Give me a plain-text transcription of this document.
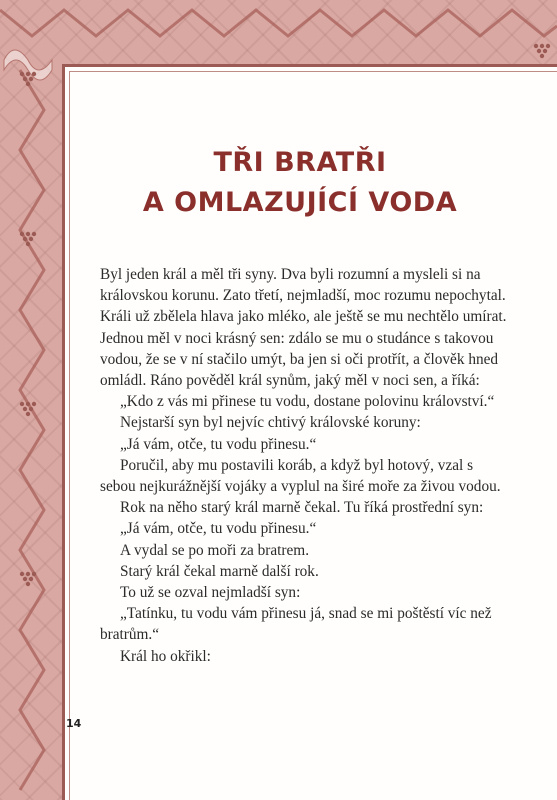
TŘI BRATŘI
A OMLAZUJÍCÍ VODA

Byl jeden král a měl tři syny. Dva byli rozumní a mysleli si na královskou korunu. Zato třetí, nejmladší, moc rozumu nepochytal. Králi už zbělela hlava jako mléko, ale ještě se mu nechtělo umírat. Jednou měl v noci krásný sen: zdálo se mu o studánce s takovou vodou, že se v ní stačilo umýt, ba jen si oči protřít, a člověk hned omládl. Ráno pověděl král synům, jaký měl v noci sen, a říká:

„Kdo z vás mi přinese tu vodu, dostane polovinu království.“

Nejstarší syn byl nejvíc chtivý královské koruny:

„Já vám, otče, tu vodu přinesu.“

Poručil, aby mu postavili koráb, a když byl hotový, vzal s sebou nejkurážnější vojáky a vyplul na širé moře za živou vodou.

Rok na něho starý král marně čekal. Tu říká prostřední syn:

„Já vám, otče, tu vodu přinesu.“

A vydal se po moři za bratrem.

Starý král čekal marně další rok.

To už se ozval nejmladší syn:

„Tatínku, tu vodu vám přinesu já, snad se mi poštěstí víc než bratrům.“

Král ho okřikl:

14
